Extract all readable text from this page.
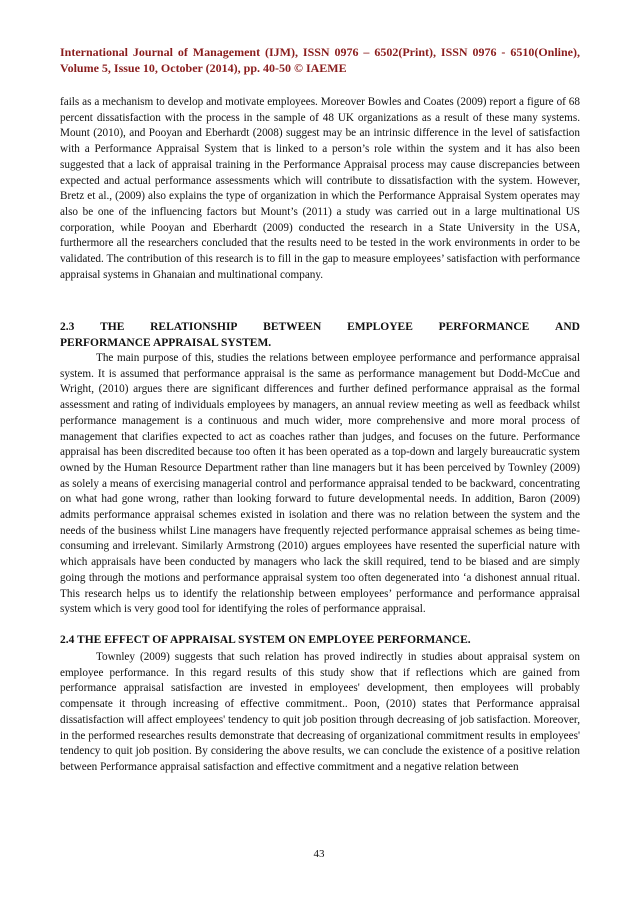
International Journal of Management (IJM), ISSN 0976 – 6502(Print), ISSN 0976 - 6510(Online), Volume 5, Issue 10, October (2014), pp. 40-50 © IAEME

fails as a mechanism to develop and motivate employees. Moreover Bowles and Coates (2009) report a figure of 68 percent dissatisfaction with the process in the sample of 48 UK organizations as a result of these many systems. Mount (2010), and Pooyan and Eberhardt (2008) suggest may be an intrinsic difference in the level of satisfaction with a Performance Appraisal System that is linked to a person’s role within the system and it has also been suggested that a lack of appraisal training in the Performance Appraisal process may cause discrepancies between expected and actual performance assessments which will contribute to dissatisfaction with the system. However, Bretz et al., (2009) also explains the type of organization in which the Performance Appraisal System operates may also be one of the influencing factors but Mount’s (2011) a study was carried out in a large multinational US corporation, while Pooyan and Eberhardt (2009) conducted the research in a State University in the USA, furthermore all the researchers concluded that the results need to be tested in the work environments in order to be validated. The contribution of this research is to fill in the gap to measure employees’ satisfaction with performance appraisal systems in Ghanaian and multinational company.

2.3 THE RELATIONSHIP BETWEEN EMPLOYEE PERFORMANCE AND
PERFORMANCE APPRAISAL SYSTEM.

The main purpose of this, studies the relations between employee performance and performance appraisal system. It is assumed that performance appraisal is the same as performance management but Dodd-McCue and Wright, (2010) argues there are significant differences and further defined performance appraisal as the formal assessment and rating of individuals employees by managers, an annual review meeting as well as feedback whilst performance management is a continuous and much wider, more comprehensive and more moral process of management that clarifies expected to act as coaches rather than judges, and focuses on the future. Performance appraisal has been discredited because too often it has been operated as a top-down and largely bureaucratic system owned by the Human Resource Department rather than line managers but it has been perceived by Townley (2009) as solely a means of exercising managerial control and performance appraisal tended to be backward, concentrating on what had gone wrong, rather than looking forward to future developmental needs. In addition, Baron (2009) admits performance appraisal schemes existed in isolation and there was no relation between the system and the needs of the business whilst Line managers have frequently rejected performance appraisal schemes as being time-consuming and irrelevant. Similarly Armstrong (2010) argues employees have resented the superficial nature with which appraisals have been conducted by managers who lack the skill required, tend to be biased and are simply going through the motions and performance appraisal system too often degenerated into ‘a dishonest annual ritual. This research helps us to identify the relationship between employees’ performance and performance appraisal system which is very good tool for identifying the roles of performance appraisal.

2.4 THE EFFECT OF APPRAISAL SYSTEM ON EMPLOYEE PERFORMANCE.

Townley (2009) suggests that such relation has proved indirectly in studies about appraisal system on employee performance. In this regard results of this study show that if reflections which are gained from performance appraisal satisfaction are invested in employees' development, then employees will probably compensate it through increasing of effective commitment.. Poon, (2010) states that Performance appraisal dissatisfaction will affect employees' tendency to quit job position through decreasing of job satisfaction. Moreover, in the performed researches results demonstrate that decreasing of organizational commitment results in employees' tendency to quit job position. By considering the above results, we can conclude the existence of a positive relation between Performance appraisal satisfaction and effective commitment and a negative relation between

43
